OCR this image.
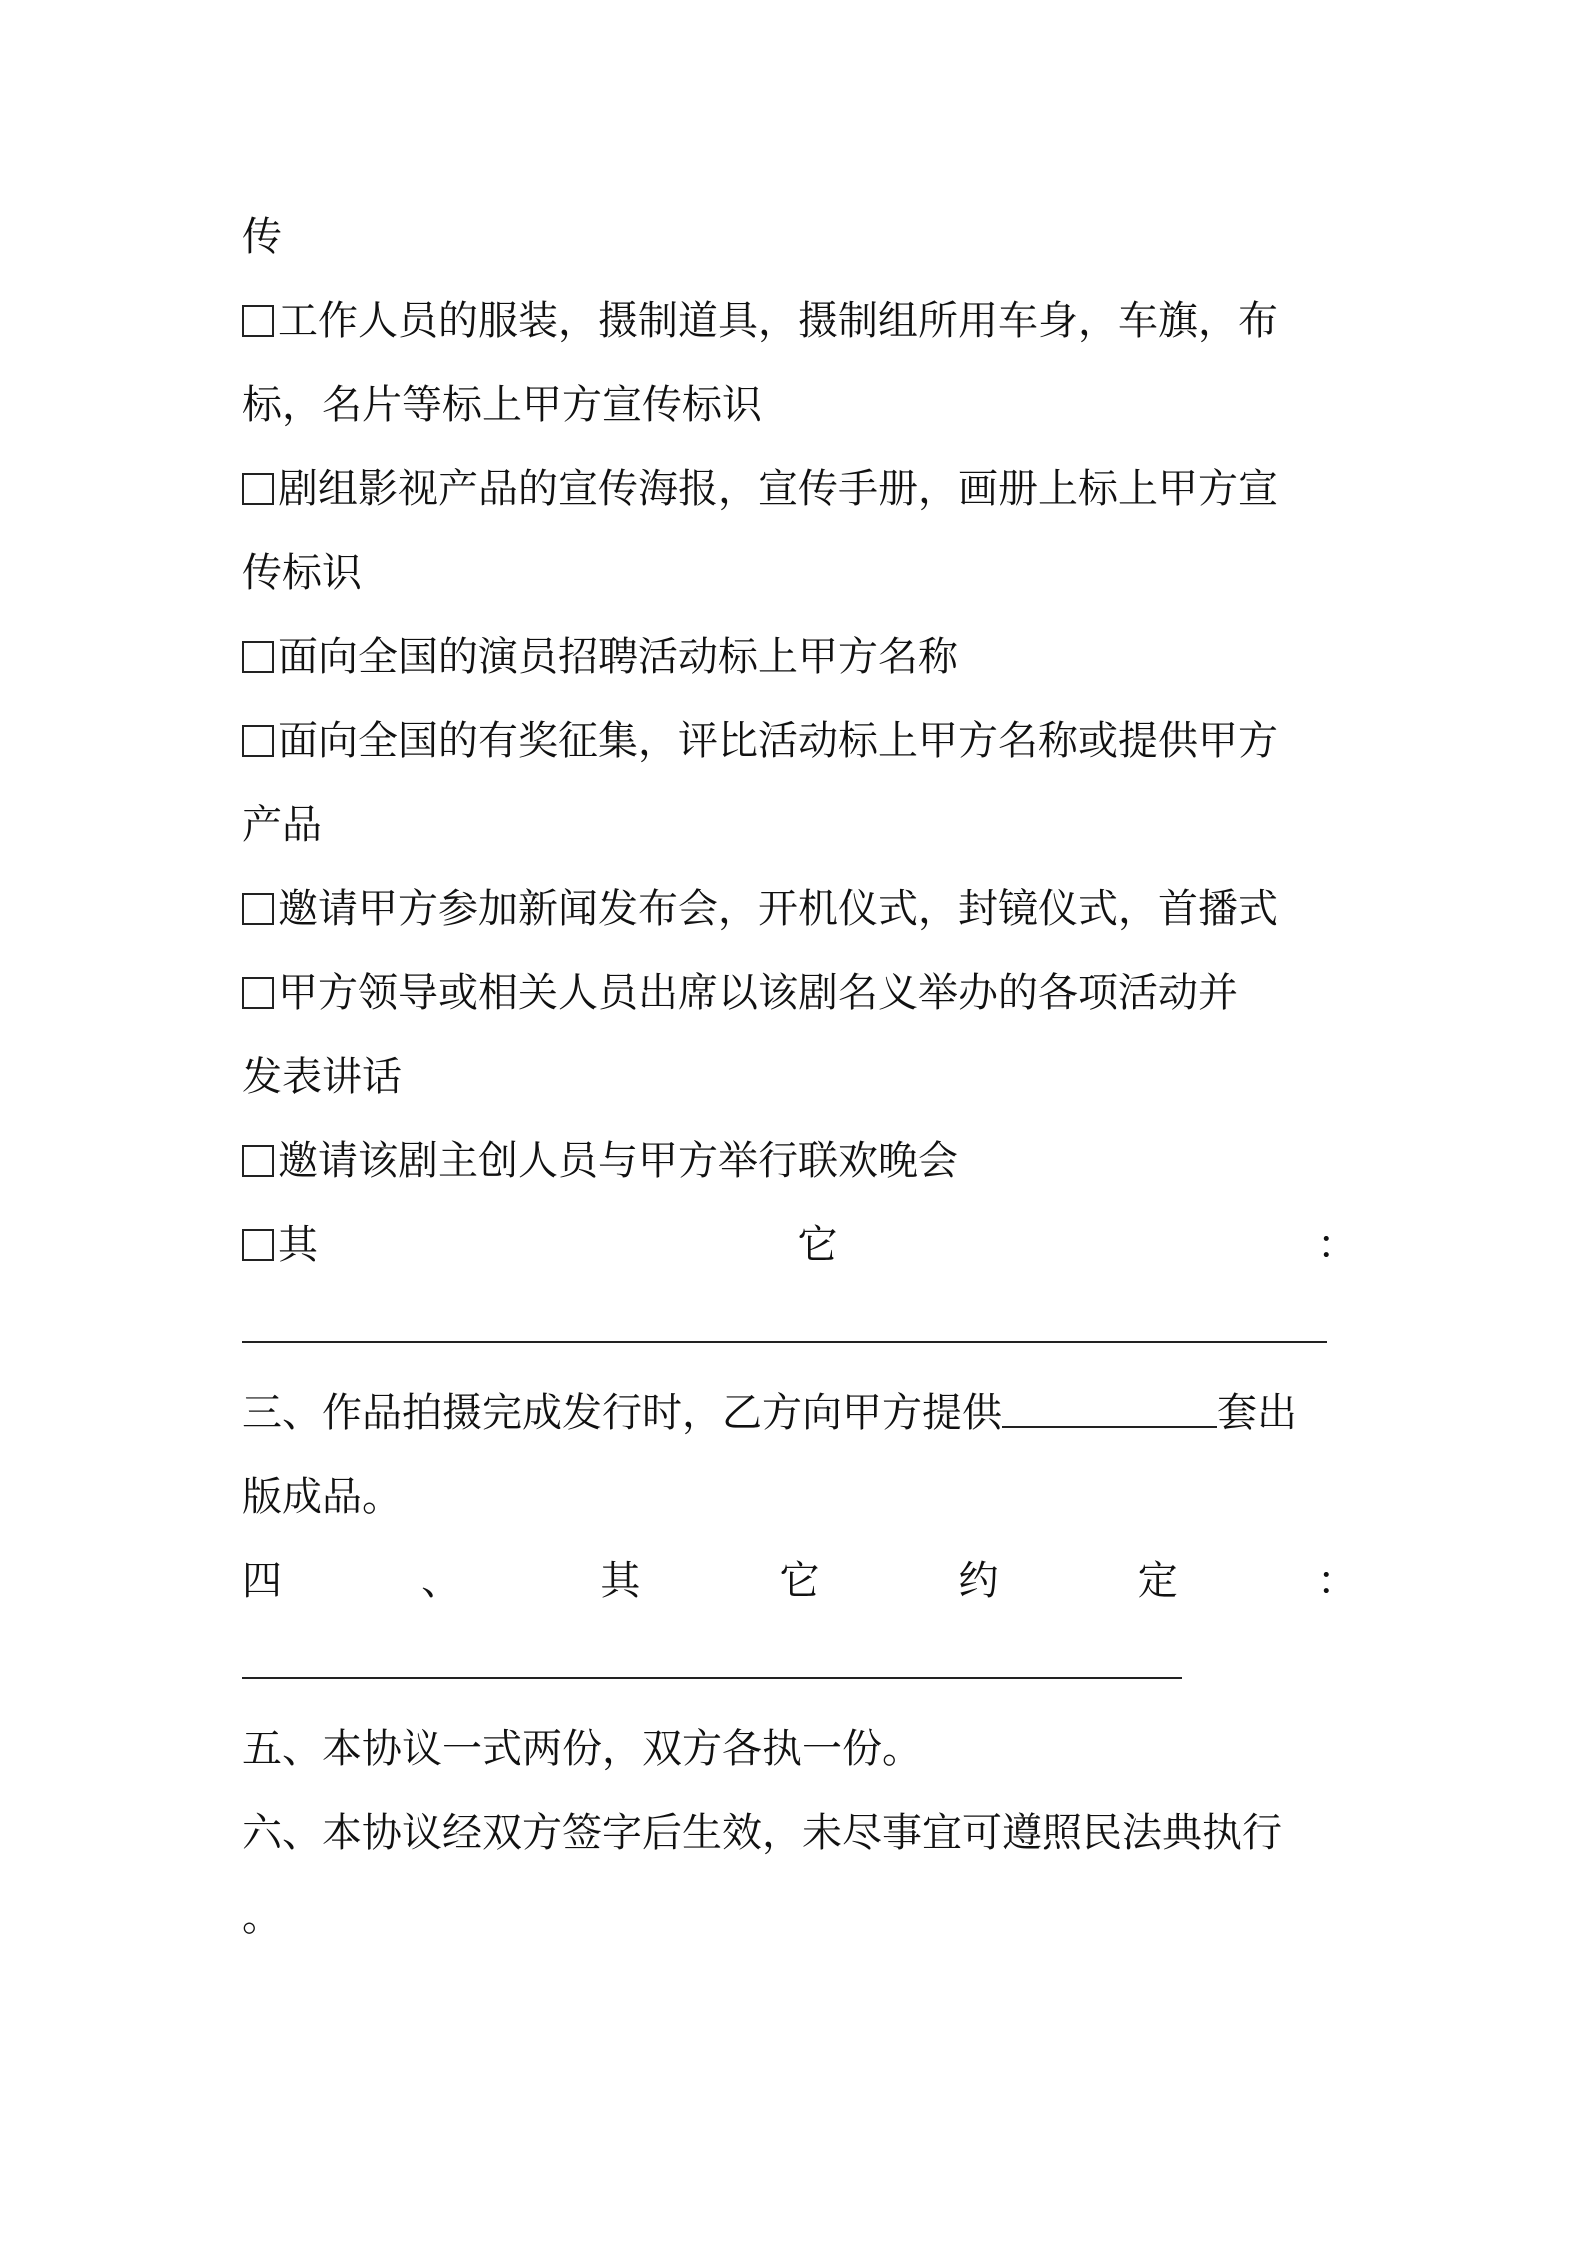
传
工作人员的服装，摄制道具，摄制组所用车身，车旗，布
标，名片等标上甲方宣传标识
剧组影视产品的宣传海报，宣传手册，画册上标上甲方宣
传标识
面向全国的演员招聘活动标上甲方名称
面向全国的有奖征集，评比活动标上甲方名称或提供甲方
产品
邀请甲方参加新闻发布会，开机仪式，封镜仪式，首播式
甲方领导或相关人员出席以该剧名义举办的各项活动并
发表讲话
邀请该剧主创人员与甲方举行联欢晚会
其	它	：
三、作品拍摄完成发行时，乙方向甲方提供	套出
版成品。
四	、	其	它	约	定	：
五、本协议一式两份，双方各执一份。
六、本协议经双方签字后生效，未尽事宜可遵照民法典执行
。
